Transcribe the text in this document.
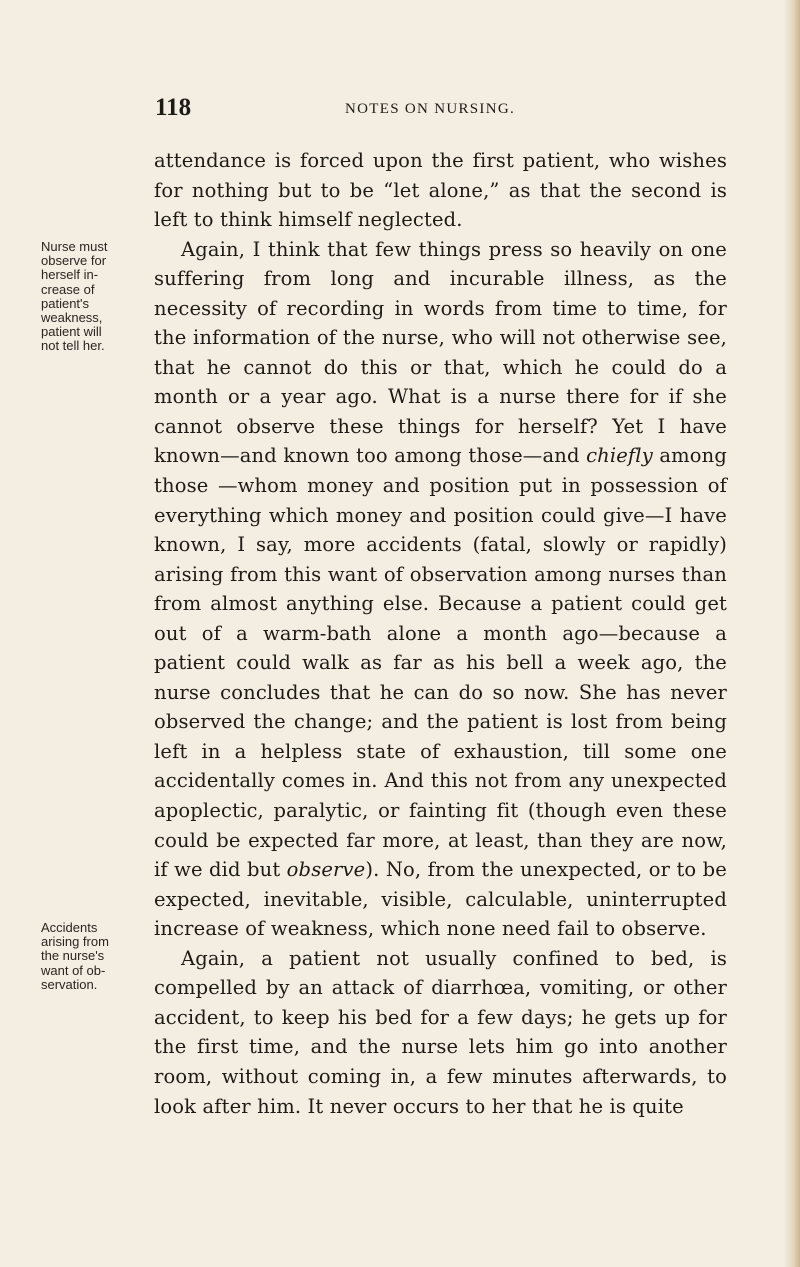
118	NOTES ON NURSING.
Nurse must
observe for
herself in-
crease of
patient's
weakness,
patient will
not tell her.
Accidents
arising from
the nurse's
want of ob-
servation.

attendance is forced upon the first patient, who wishes for nothing but to be “let alone,” as that the second is left to think himself neglected.

Again, I think that few things press so heavily on one suffering from long and incurable illness, as the necessity of recording in words from time to time, for the information of the nurse, who will not otherwise see, that he cannot do this or that, which he could do a month or a year ago. What is a nurse there for if she cannot observe these things for herself? Yet I have known—and known too among those—and chiefly among those —whom money and position put in possession of everything which money and position could give—I have known, I say, more accidents (fatal, slowly or rapidly) arising from this want of observation among nurses than from almost anything else. Because a patient could get out of a warm-bath alone a month ago—because a patient could walk as far as his bell a week ago, the nurse concludes that he can do so now. She has never observed the change; and the patient is lost from being left in a helpless state of exhaustion, till some one accidentally comes in. And this not from any unexpected apoplectic, paralytic, or fainting fit (though even these could be expected far more, at least, than they are now, if we did but observe). No, from the unexpected, or to be expected, inevitable, visible, calculable, uninterrupted increase of weakness, which none need fail to observe.

Again, a patient not usually confined to bed, is compelled by an attack of diarrhœa, vomiting, or other accident, to keep his bed for a few days; he gets up for the first time, and the nurse lets him go into another room, without coming in, a few minutes afterwards, to look after him. It never occurs to her that he is quite
